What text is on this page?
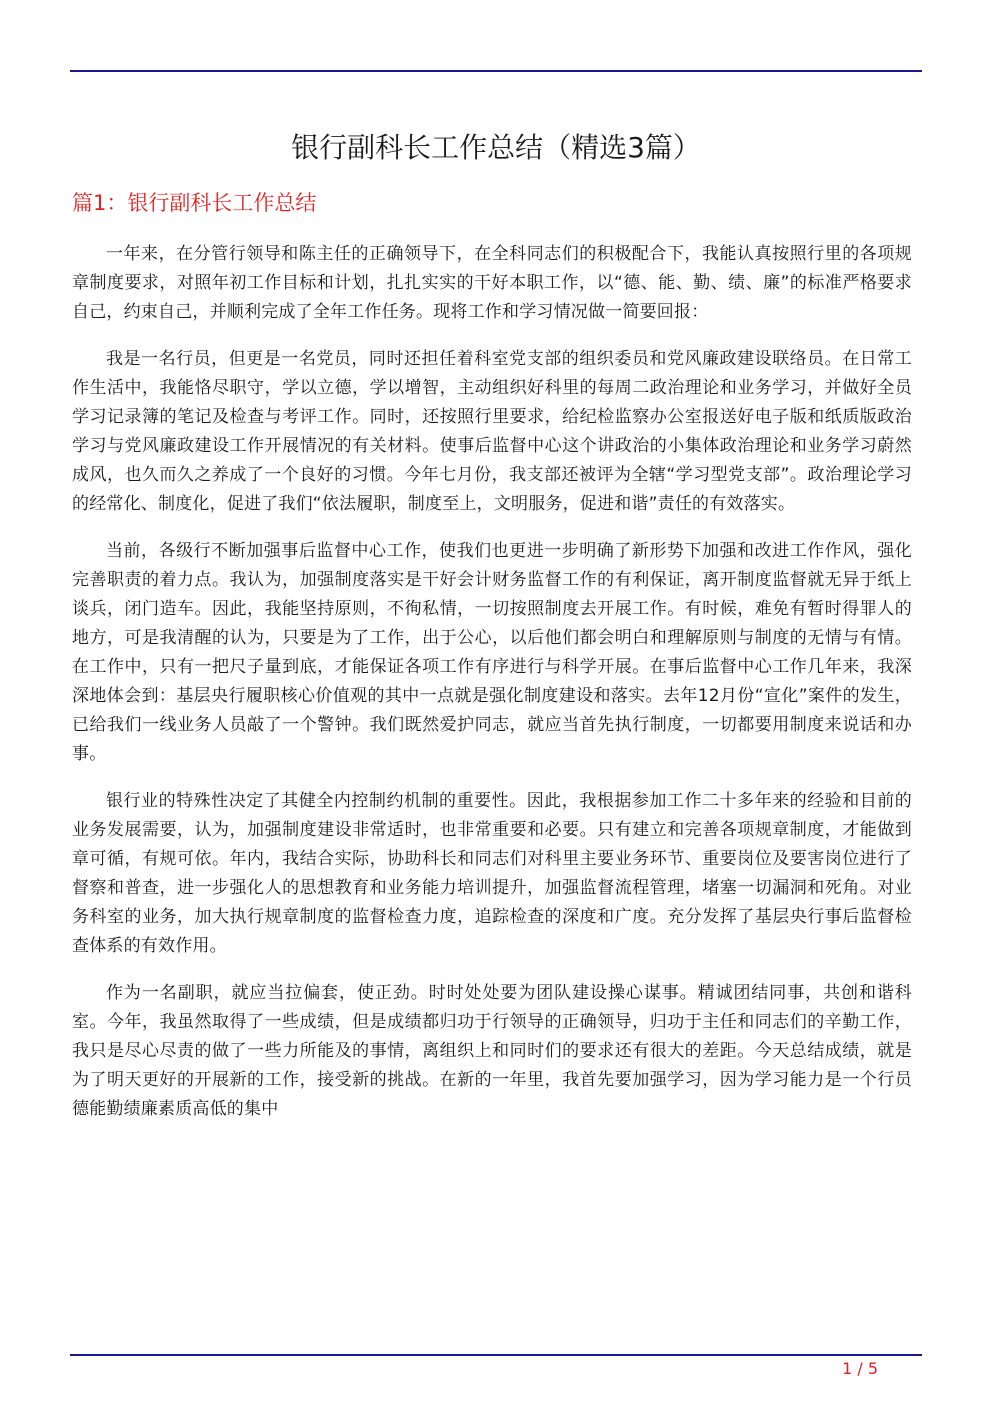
银行副科长工作总结（精选3篇）
篇1：银行副科长工作总结

一年来，在分管行领导和陈主任的正确领导下，在全科同志们的积极配合下，我能认真按照行里的各项规章制度要求，对照年初工作目标和计划，扎扎实实的干好本职工作，以“德、能、勤、绩、廉”的标准严格要求自己，约束自己，并顺利完成了全年工作任务。现将工作和学习情况做一简要回报：

我是一名行员，但更是一名党员，同时还担任着科室党支部的组织委员和党风廉政建设联络员。在日常工作生活中，我能恪尽职守，学以立德，学以增智，主动组织好科里的每周二政治理论和业务学习，并做好全员学习记录簿的笔记及检查与考评工作。同时，还按照行里要求，给纪检监察办公室报送好电子版和纸质版政治学习与党风廉政建设工作开展情况的有关材料。使事后监督中心这个讲政治的小集体政治理论和业务学习蔚然成风，也久而久之养成了一个良好的习惯。今年七月份，我支部还被评为全辖“学习型党支部”。政治理论学习的经常化、制度化，促进了我们“依法履职，制度至上，文明服务，促进和谐”责任的有效落实。

当前，各级行不断加强事后监督中心工作，使我们也更进一步明确了新形势下加强和改进工作作风，强化完善职责的着力点。我认为，加强制度落实是干好会计财务监督工作的有利保证，离开制度监督就无异于纸上谈兵，闭门造车。因此，我能坚持原则，不徇私情，一切按照制度去开展工作。有时候，难免有暂时得罪人的地方，可是我清醒的认为，只要是为了工作，出于公心，以后他们都会明白和理解原则与制度的无情与有情。在工作中，只有一把尺子量到底，才能保证各项工作有序进行与科学开展。在事后监督中心工作几年来，我深深地体会到：基层央行履职核心价值观的其中一点就是强化制度建设和落实。去年12月份“宣化”案件的发生，已给我们一线业务人员敲了一个警钟。我们既然爱护同志，就应当首先执行制度，一切都要用制度来说话和办事。

银行业的特殊性决定了其健全内控制约机制的重要性。因此，我根据参加工作二十多年来的经验和目前的业务发展需要，认为，加强制度建设非常适时，也非常重要和必要。只有建立和完善各项规章制度，才能做到章可循，有规可依。年内，我结合实际，协助科长和同志们对科里主要业务环节、重要岗位及要害岗位进行了督察和普查，进一步强化人的思想教育和业务能力培训提升，加强监督流程管理，堵塞一切漏洞和死角。对业务科室的业务，加大执行规章制度的监督检查力度，追踪检查的深度和广度。充分发挥了基层央行事后监督检查体系的有效作用。

作为一名副职，就应当拉偏套，使正劲。时时处处要为团队建设操心谋事。精诚团结同事，共创和谐科室。今年，我虽然取得了一些成绩，但是成绩都归功于行领导的正确领导，归功于主任和同志们的辛勤工作，我只是尽心尽责的做了一些力所能及的事情，离组织上和同时们的要求还有很大的差距。今天总结成绩，就是为了明天更好的开展新的工作，接受新的挑战。在新的一年里，我首先要加强学习，因为学习能力是一个行员德能勤绩廉素质高低的集中

1 / 5
